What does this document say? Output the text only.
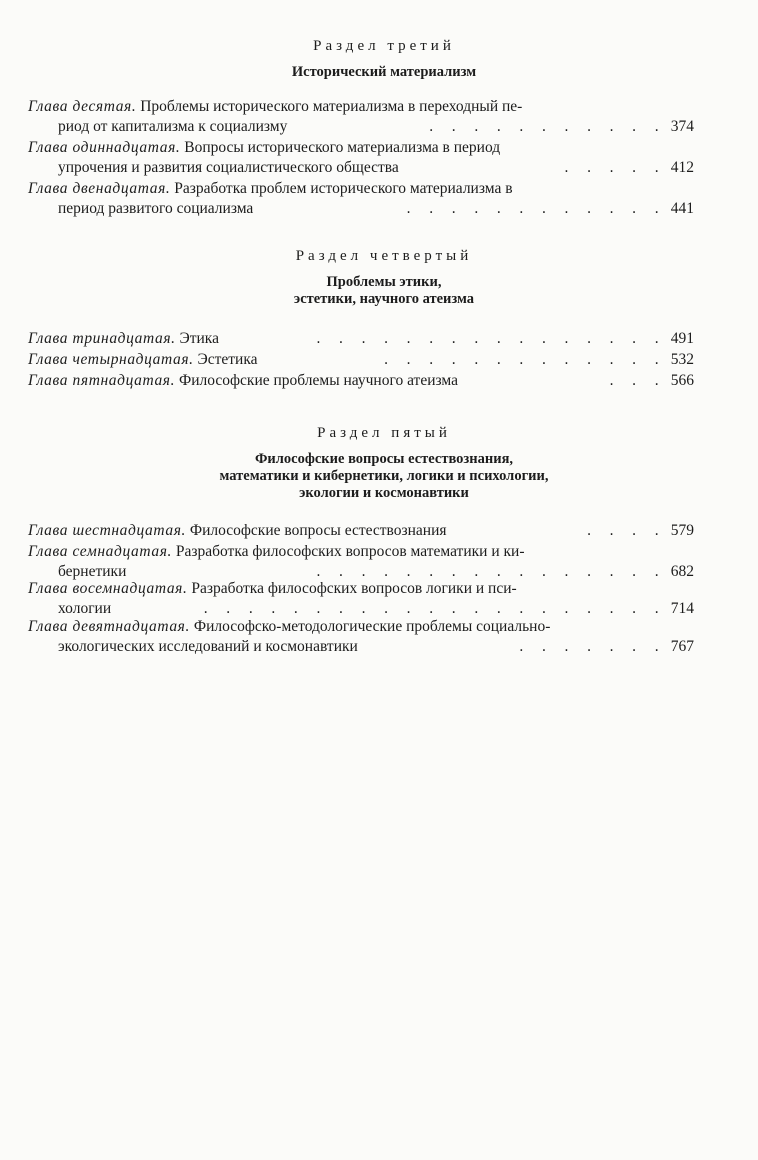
Раздел третий
Исторический материализм
Глава десятая. Проблемы исторического материализма в переходный пе-
риод от капитализма к социализму	. . . . . . . . . . . 374
Глава одиннадцатая. Вопросы исторического материализма в период
упрочения и развития социалистического общества	. . . . . 412
Глава двенадцатая. Разработка проблем исторического материализма в
период развитого социализма	. . . . . . . . . . . . 441
Раздел четвертый
Проблемы этики,
эстетики, научного атеизма
Глава тринадцатая. Этика	. . . . . . . . . . . . . . . . 491
Глава четырнадцатая. Эстетика	. . . . . . . . . . . . . 532
Глава пятнадцатая. Философские проблемы научного атеизма	. . . 566
Раздел пятый
Философские вопросы естествознания,
математики и кибернетики, логики и психологии,
экологии и космонавтики
Глава шестнадцатая. Философские вопросы естествознания	. . . . 579
Глава семнадцатая. Разработка философских вопросов математики и ки-
бернетики	. . . . . . . . . . . . . . . . 682
Глава восемнадцатая. Разработка философских вопросов логики и пси-
хологии	. . . . . . . . . . . . . . . . . . . . . 714
Глава девятнадцатая. Философско-методологические проблемы социально-
экологических исследований и космонавтики	. . . . . . . 767
